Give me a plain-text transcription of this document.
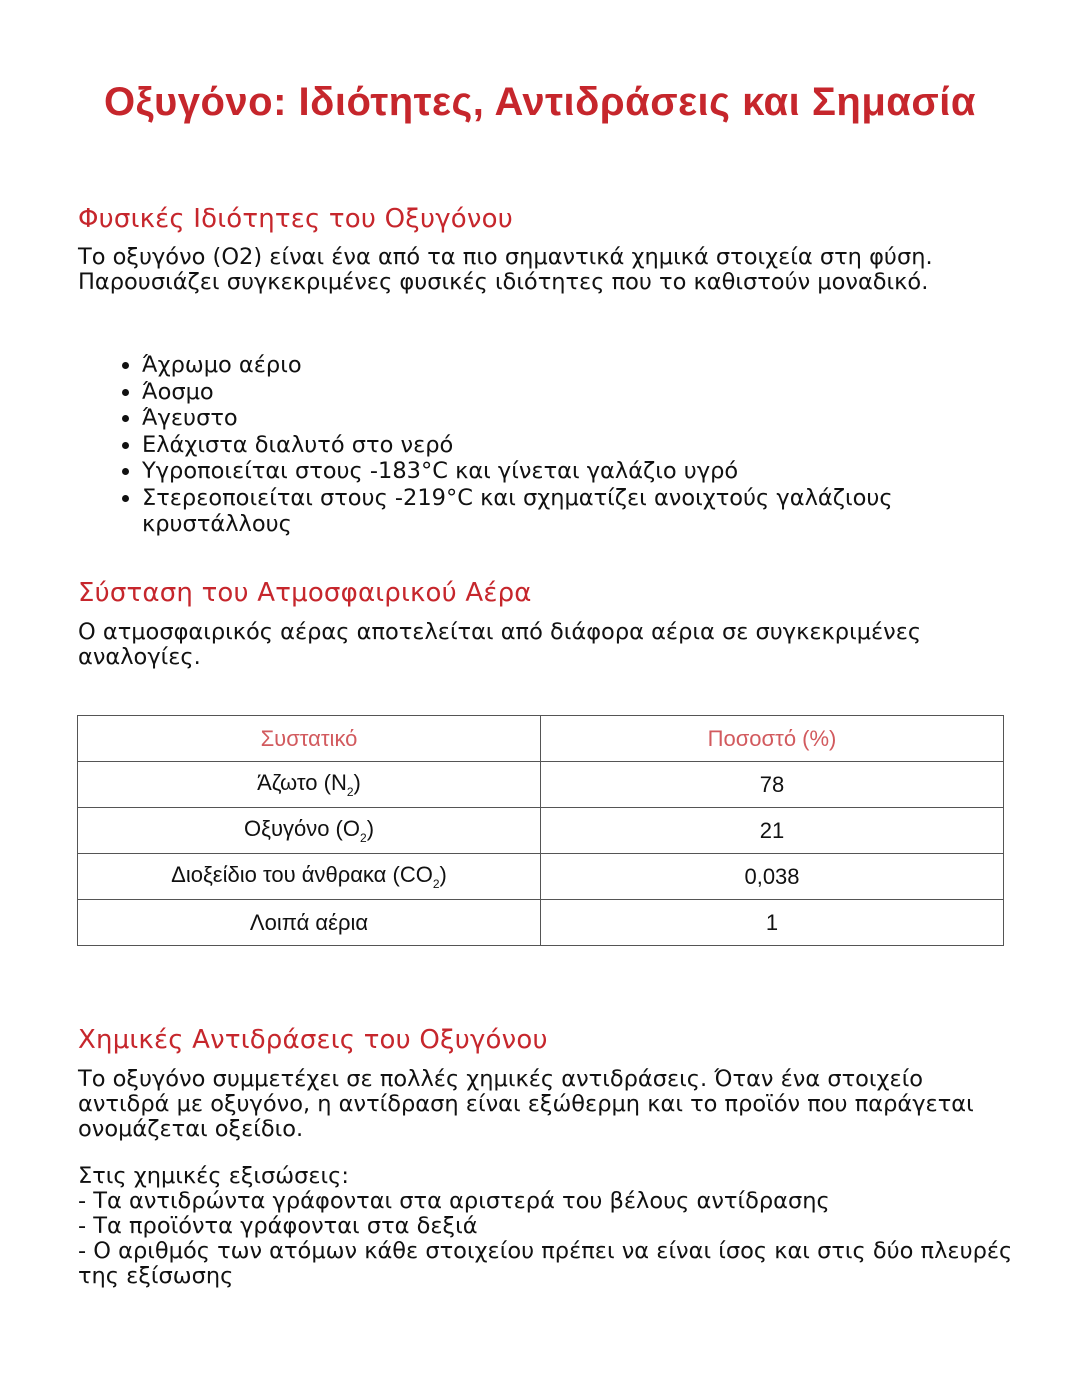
Οξυγόνο: Ιδιότητες, Αντιδράσεις και Σημασία
Φυσικές Ιδιότητες του Οξυγόνου

Το οξυγόνο (Ο2) είναι ένα από τα πιο σημαντικά χημικά στοιχεία στη φύση. Παρουσιάζει συγκεκριμένες φυσικές ιδιότητες που το καθιστούν μοναδικό.

• Άχρωμο αέριο
• Άοσμο
• Άγευστο
• Ελάχιστα διαλυτό στο νερό
• Υγροποιείται στους -183°C και γίνεται γαλάζιο υγρό
• Στερεοποιείται στους -219°C και σχηματίζει ανοιχτούς γαλάζιους κρυστάλλους
Σύσταση του Ατμοσφαιρικού Αέρα

Ο ατμοσφαιρικός αέρας αποτελείται από διάφορα αέρια σε συγκεκριμένες αναλογίες.

Συστατικό	Ποσοστό (%)
Άζωτο $(N_2)$	78
Οξυγόνο $(O_2)$	21
Διοξείδιο του άνθρακα $(CO_2)$	0,038
Λοιπά αέρια	1
Χημικές Αντιδράσεις του Οξυγόνου

Το οξυγόνο συμμετέχει σε πολλές χημικές αντιδράσεις. Όταν ένα στοιχείο αντιδρά με οξυγόνο, η αντίδραση είναι εξώθερμη και το προϊόν που παράγεται ονομάζεται οξείδιο.

Στις χημικές εξισώσεις:
- Τα αντιδρώντα γράφονται στα αριστερά του βέλους αντίδρασης
- Τα προϊόντα γράφονται στα δεξιά
- Ο αριθμός των ατόμων κάθε στοιχείου πρέπει να είναι ίσος και στις δύο πλευρές της εξίσωσης
